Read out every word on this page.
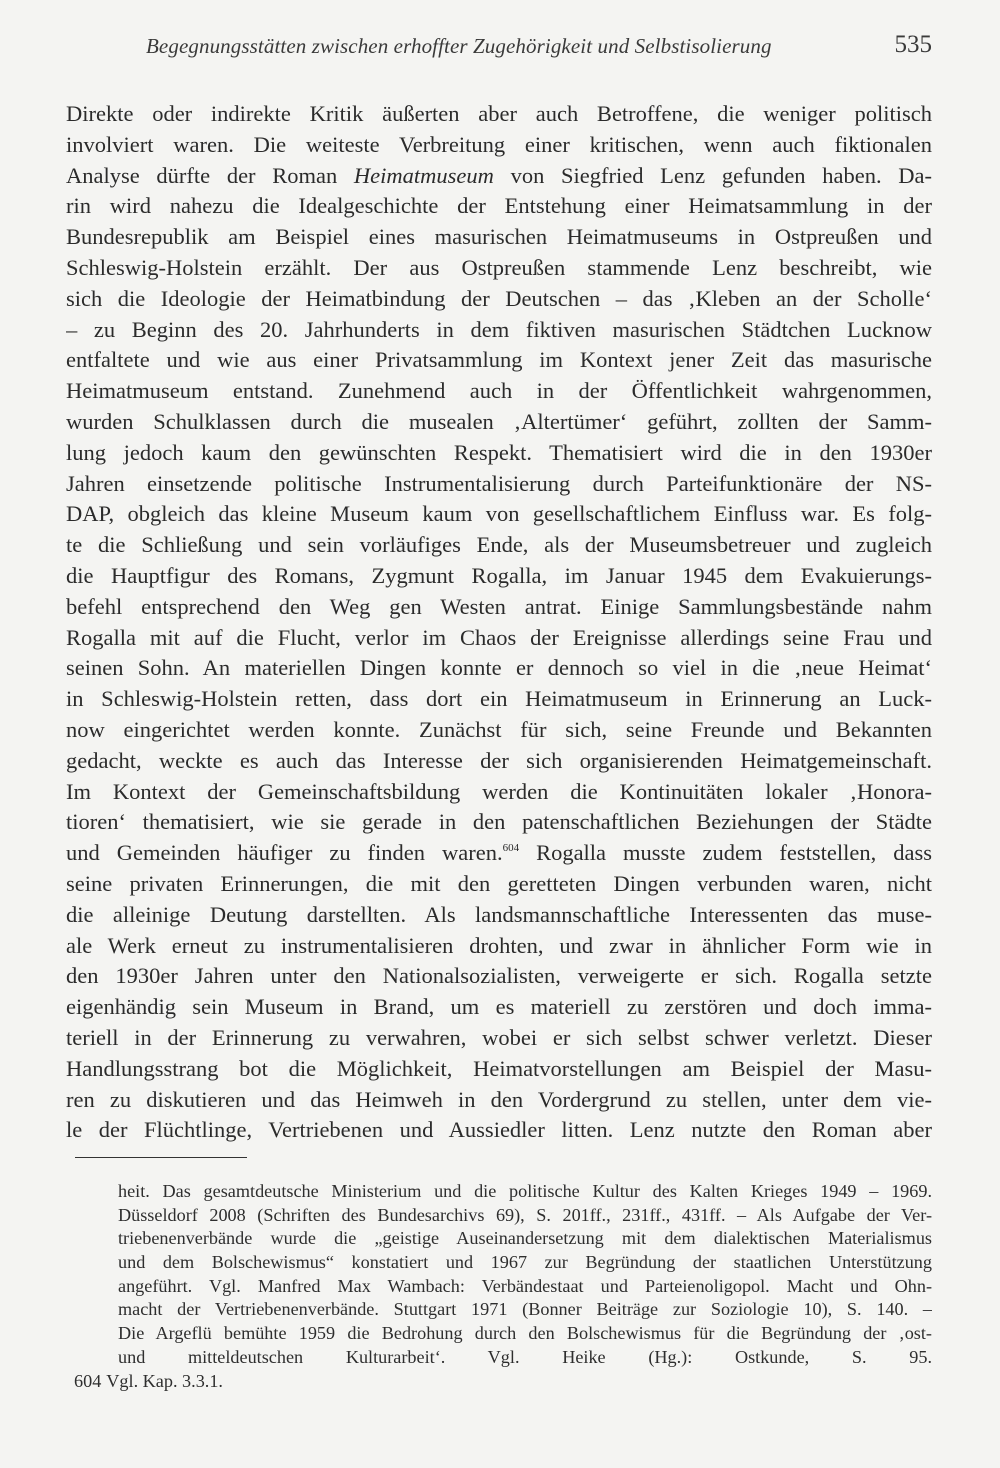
Begegnungsstätten zwischen erhoffter Zugehörigkeit und Selbstisolierung	535
Direkte oder indirekte Kritik äußerten aber auch Betroffene, die weniger politisch
involviert waren. Die weiteste Verbreitung einer kritischen, wenn auch fiktionalen
Analyse dürfte der Roman Heimatmuseum von Siegfried Lenz gefunden haben. Da-
rin wird nahezu die Idealgeschichte der Entstehung einer Heimatsammlung in der
Bundesrepublik am Beispiel eines masurischen Heimatmuseums in Ostpreußen und
Schleswig-Holstein erzählt. Der aus Ostpreußen stammende Lenz beschreibt, wie
sich die Ideologie der Heimatbindung der Deutschen – das ‚Kleben an der Scholle‘
– zu Beginn des 20. Jahrhunderts in dem fiktiven masurischen Städtchen Lucknow
entfaltete und wie aus einer Privatsammlung im Kontext jener Zeit das masurische
Heimatmuseum entstand. Zunehmend auch in der Öffentlichkeit wahrgenommen,
wurden Schulklassen durch die musealen ‚Altertümer‘ geführt, zollten der Samm-
lung jedoch kaum den gewünschten Respekt. Thematisiert wird die in den 1930er
Jahren einsetzende politische Instrumentalisierung durch Parteifunktionäre der NS-
DAP, obgleich das kleine Museum kaum von gesellschaftlichem Einfluss war. Es folg-
te die Schließung und sein vorläufiges Ende, als der Museumsbetreuer und zugleich
die Hauptfigur des Romans, Zygmunt Rogalla, im Januar 1945 dem Evakuierungs-
befehl entsprechend den Weg gen Westen antrat. Einige Sammlungsbestände nahm
Rogalla mit auf die Flucht, verlor im Chaos der Ereignisse allerdings seine Frau und
seinen Sohn. An materiellen Dingen konnte er dennoch so viel in die ‚neue Heimat‘
in Schleswig-Holstein retten, dass dort ein Heimatmuseum in Erinnerung an Luck-
now eingerichtet werden konnte. Zunächst für sich, seine Freunde und Bekannten
gedacht, weckte es auch das Interesse der sich organisierenden Heimatgemeinschaft.
Im Kontext der Gemeinschaftsbildung werden die Kontinuitäten lokaler ‚Honora-
tioren‘ thematisiert, wie sie gerade in den patenschaftlichen Beziehungen der Städte
und Gemeinden häufiger zu finden waren.$^{604}$ Rogalla musste zudem feststellen, dass
seine privaten Erinnerungen, die mit den geretteten Dingen verbunden waren, nicht
die alleinige Deutung darstellten. Als landsmannschaftliche Interessenten das muse-
ale Werk erneut zu instrumentalisieren drohten, und zwar in ähnlicher Form wie in
den 1930er Jahren unter den Nationalsozialisten, verweigerte er sich. Rogalla setzte
eigenhändig sein Museum in Brand, um es materiell zu zerstören und doch imma-
teriell in der Erinnerung zu verwahren, wobei er sich selbst schwer verletzt. Dieser
Handlungsstrang bot die Möglichkeit, Heimatvorstellungen am Beispiel der Masu-
ren zu diskutieren und das Heimweh in den Vordergrund zu stellen, unter dem vie-
le der Flüchtlinge, Vertriebenen und Aussiedler litten. Lenz nutzte den Roman aber
heit. Das gesamtdeutsche Ministerium und die politische Kultur des Kalten Krieges 1949 – 1969.
Düsseldorf 2008 (Schriften des Bundesarchivs 69), S. 201ff., 231ff., 431ff. – Als Aufgabe der Ver-
triebenenverbände wurde die „geistige Auseinandersetzung mit dem dialektischen Materialismus
und dem Bolschewismus“ konstatiert und 1967 zur Begründung der staatlichen Unterstützung
angeführt. Vgl. Manfred Max Wambach: Verbändestaat und Parteienoligopol. Macht und Ohn-
macht der Vertriebenenverbände. Stuttgart 1971 (Bonner Beiträge zur Soziologie 10), S. 140. –
Die Argeflü bemühte 1959 die Bedrohung durch den Bolschewismus für die Begründung der ‚ost-
und mitteldeutschen Kulturarbeit‘. Vgl. Heike (Hg.): Ostkunde, S. 95.
604 Vgl. Kap. 3.3.1.
